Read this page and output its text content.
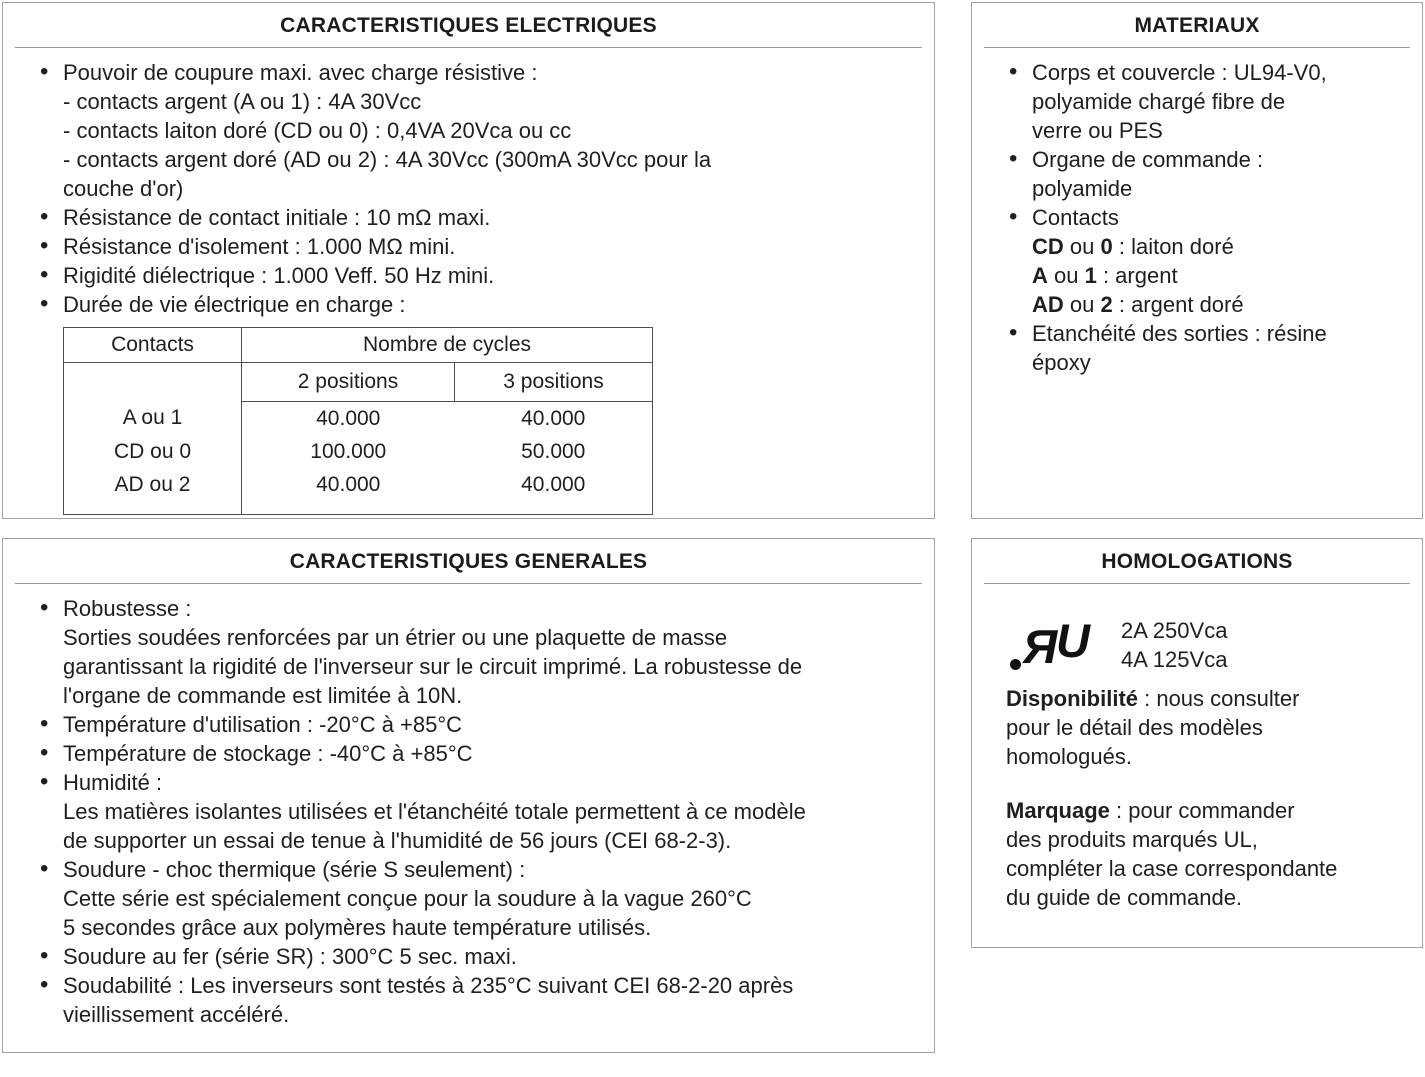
CARACTERISTIQUES ELECTRIQUES
• Pouvoir de coupure maxi. avec charge résistive :
- contacts argent (A ou 1) : 4A 30Vcc
- contacts laiton doré (CD ou 0) : 0,4VA 20Vca ou cc
- contacts argent doré (AD ou 2) : 4A 30Vcc (300mA 30Vcc pour la
couche d'or)
• Résistance de contact initiale : 10 mΩ maxi.
• Résistance d'isolement : 1.000 MΩ mini.
• Rigidité diélectrique : 1.000 Veff. 50 Hz mini.
• Durée de vie électrique en charge :
Contacts	Nombre de cycles	
	2 positions	3 positions
A ou 1	40.000	40.000
CD ou 0	100.000	50.000
AD ou 2	40.000	40.000

MATERIAUX
• Corps et couvercle : UL94-V0,
polyamide chargé fibre de
verre ou PES
• Organe de commande :
polyamide
• Contacts
CD ou 0 : laiton doré
A ou 1 : argent
AD ou 2 : argent doré
• Etanchéité des sorties : résine
époxy
CARACTERISTIQUES GENERALES
• Robustesse :
Sorties soudées renforcées par un étrier ou une plaquette de masse
garantissant la rigidité de l'inverseur sur le circuit imprimé. La robustesse de
l'organe de commande est limitée à 10N.
• Température d'utilisation : -20°C à +85°C
• Température de stockage : -40°C à +85°C
• Humidité :
Les matières isolantes utilisées et l'étanchéité totale permettent à ce modèle
de supporter un essai de tenue à l'humidité de 56 jours (CEI 68-2-3).
• Soudure - choc thermique (série S seulement) :
Cette série est spécialement conçue pour la soudure à la vague 260°C
5 secondes grâce aux polymères haute température utilisés.
• Soudure au fer (série SR) : 300°C 5 sec. maxi.
• Soudabilité : Les inverseurs sont testés à 235°C suivant CEI 68-2-20 après
vieillissement accéléré.
HOMOLOGATIONS
Я
U 2A 250Vca
4A 125Vca
Disponibilité : nous consulter
pour le détail des modèles
homologués.
Marquage : pour commander
des produits marqués UL,
compléter la case correspondante
du guide de commande.
